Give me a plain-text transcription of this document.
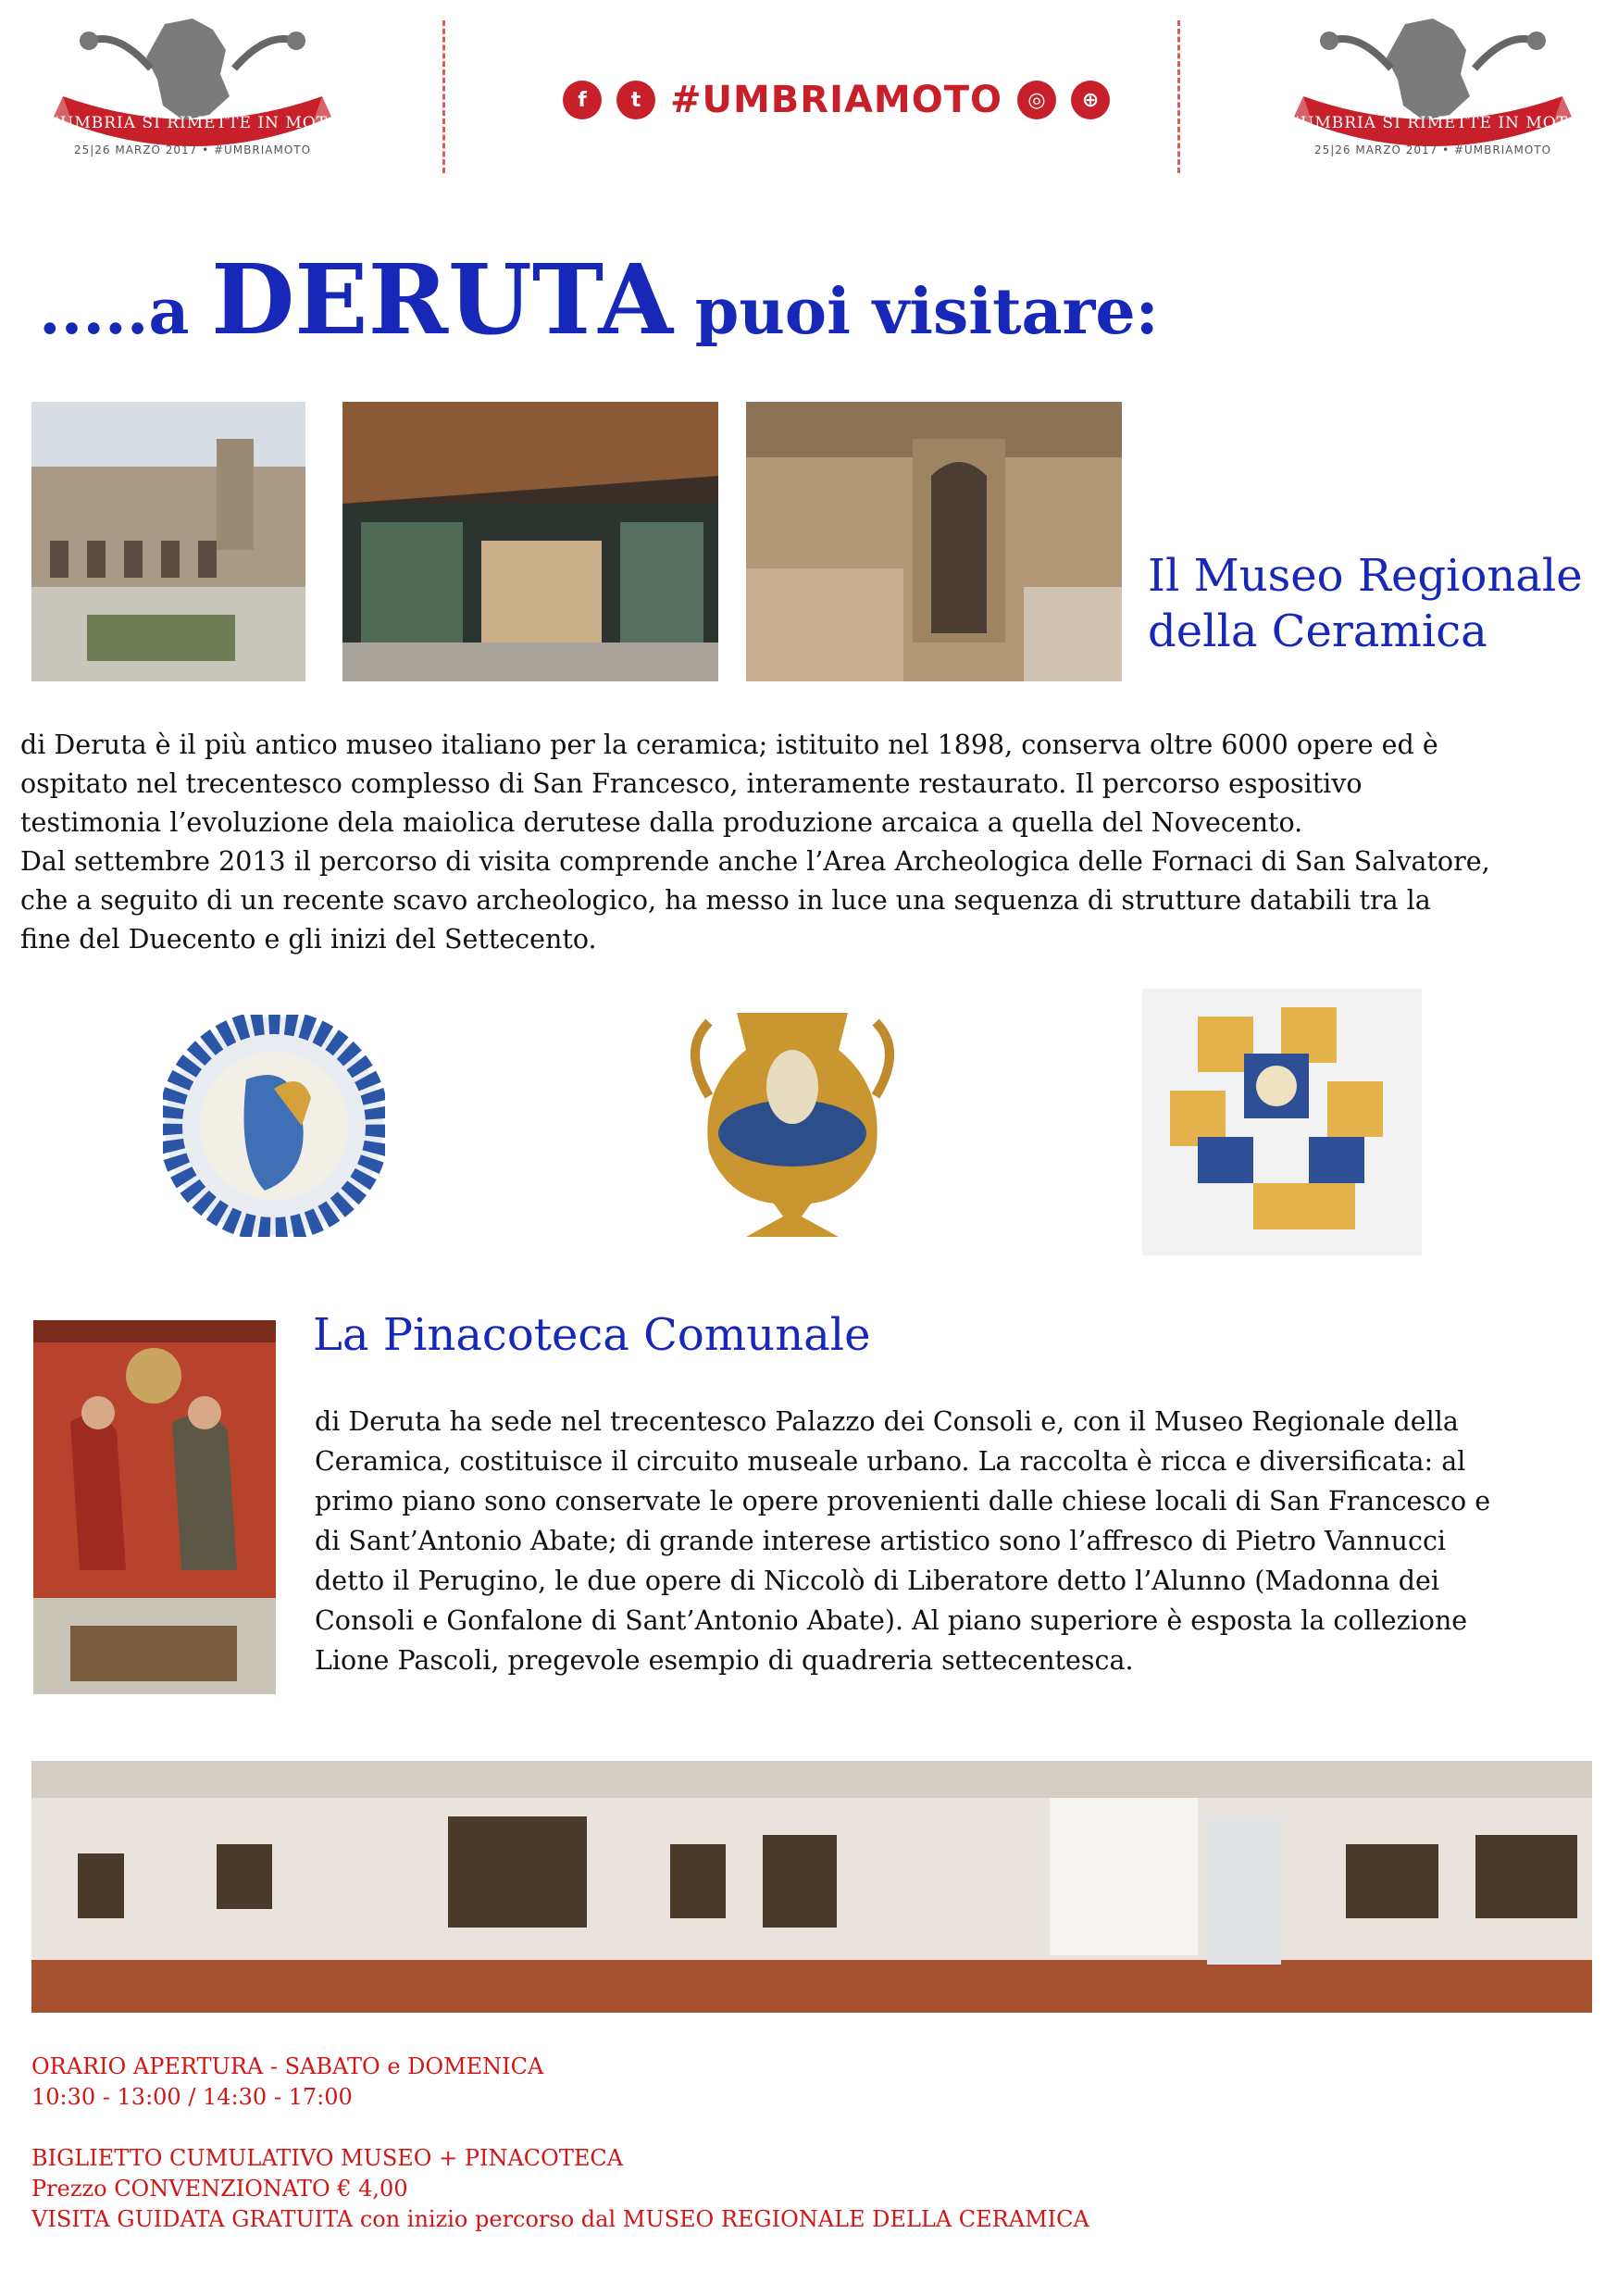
L'UMBRIA SI RIMETTE IN MOTO
25|26 MARZO 2017 • #UMBRIAMOTO
f	t #UMBRIAMOTO	◎	⊕
L'UMBRIA SI RIMETTE IN MOTO
25|26 MARZO 2017 • #UMBRIAMOTO
.....a DERUTA puoi visitare:
Il Museo Regionale
della Ceramica

di Deruta è il più antico museo italiano per la ceramica; istituito nel 1898, conserva oltre 6000 opere ed è

ospitato nel trecentesco complesso di San Francesco, interamente restaurato. Il percorso espositivo

testimonia l’evoluzione dela maiolica derutese dalla produzione arcaica a quella del Novecento.

Dal settembre 2013 il percorso di visita comprende anche l’Area Archeologica delle Fornaci di San Salvatore,

che a seguito di un recente scavo archeologico, ha messo in luce una sequenza di strutture databili tra la

fine del Duecento e gli inizi del Settecento.

La Pinacoteca Comunale

di Deruta ha sede nel trecentesco Palazzo dei Consoli e, con il Museo Regionale della

Ceramica, costituisce il circuito museale urbano. La raccolta è ricca e diversificata: al

primo piano sono conservate le opere provenienti dalle chiese locali di San Francesco e

di Sant’Antonio Abate; di grande interese artistico sono l’affresco di Pietro Vannucci

detto il Perugino, le due opere di Niccolò di Liberatore detto l’Alunno (Madonna dei

Consoli e Gonfalone di Sant’Antonio Abate). Al piano superiore è esposta la collezione

Lione Pascoli, pregevole esempio di quadreria settecentesca.

ORARIO APERTURA - SABATO e DOMENICA
10:30 - 13:00 / 14:30 - 17:00
BIGLIETTO CUMULATIVO MUSEO + PINACOTECA
Prezzo CONVENZIONATO € 4,00
VISITA GUIDATA GRATUITA con inizio percorso dal MUSEO REGIONALE DELLA CERAMICA
